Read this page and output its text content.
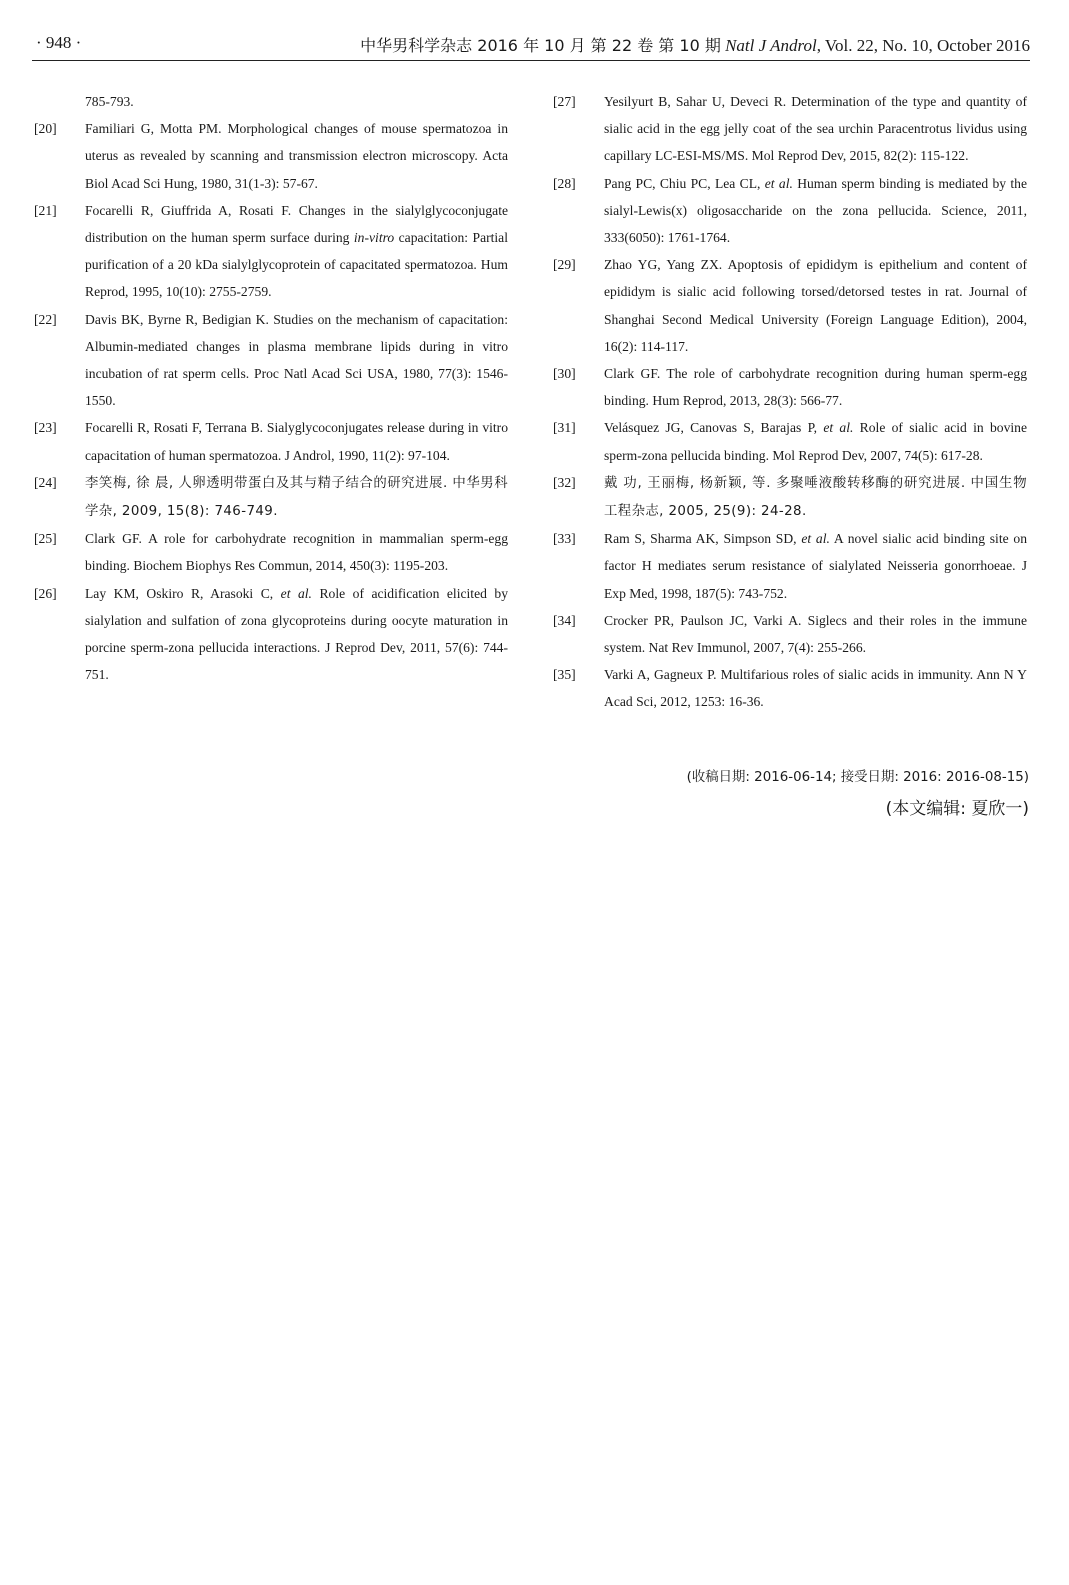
· 948 ·	中华男科学杂志 2016 年 10 月 第 22 卷 第 10 期 Natl J Androl, Vol. 22, No. 10, October 2016
785-793.
[20] Familiari G, Motta PM. Morphological changes of mouse spermatozoa in uterus as revealed by scanning and transmission electron microscopy. Acta Biol Acad Sci Hung, 1980, 31(1-3): 57-67.
[21] Focarelli R, Giuffrida A, Rosati F. Changes in the sialylglycoconjugate distribution on the human sperm surface during in-vitro capacitation: Partial purification of a 20 kDa sialylglycoprotein of capacitated spermatozoa. Hum Reprod, 1995, 10(10): 2755-2759.
[22] Davis BK, Byrne R, Bedigian K. Studies on the mechanism of capacitation: Albumin-mediated changes in plasma membrane lipids during in vitro incubation of rat sperm cells. Proc Natl Acad Sci USA, 1980, 77(3): 1546-1550.
[23] Focarelli R, Rosati F, Terrana B. Sialyglycoconjugates release during in vitro capacitation of human spermatozoa. J Androl, 1990, 11(2): 97-104.
[24] 李笑梅, 徐 晨, 人卵透明带蛋白及其与精子结合的研究进展. 中华男科学杂, 2009, 15(8): 746-749.
[25] Clark GF. A role for carbohydrate recognition in mammalian sperm-egg binding. Biochem Biophys Res Commun, 2014, 450(3): 1195-203.
[26] Lay KM, Oskiro R, Arasoki C, et al. Role of acidification elicited by sialylation and sulfation of zona glycoproteins during oocyte maturation in porcine sperm-zona pellucida interactions. J Reprod Dev, 2011, 57(6): 744-751.
[27] Yesilyurt B, Sahar U, Deveci R. Determination of the type and quantity of sialic acid in the egg jelly coat of the sea urchin Paracentrotus lividus using capillary LC-ESI-MS/MS. Mol Reprod Dev, 2015, 82(2): 115-122.
[28] Pang PC, Chiu PC, Lea CL, et al. Human sperm binding is mediated by the sialyl-Lewis(x) oligosaccharide on the zona pellucida. Science, 2011, 333(6050): 1761-1764.
[29] Zhao YG, Yang ZX. Apoptosis of epididym is epithelium and content of epididym is sialic acid following torsed/detorsed testes in rat. Journal of Shanghai Second Medical University (Foreign Language Edition), 2004, 16(2): 114-117.
[30] Clark GF. The role of carbohydrate recognition during human sperm-egg binding. Hum Reprod, 2013, 28(3): 566-77.
[31] Velásquez JG, Canovas S, Barajas P, et al. Role of sialic acid in bovine sperm-zona pellucida binding. Mol Reprod Dev, 2007, 74(5): 617-28.
[32] 戴 功, 王丽梅, 杨新颖, 等. 多聚唾液酸转移酶的研究进展. 中国生物工程杂志, 2005, 25(9): 24-28.
[33] Ram S, Sharma AK, Simpson SD, et al. A novel sialic acid binding site on factor H mediates serum resistance of sialylated Neisseria gonorrhoeae. J Exp Med, 1998, 187(5): 743-752.
[34] Crocker PR, Paulson JC, Varki A. Siglecs and their roles in the immune system. Nat Rev Immunol, 2007, 7(4): 255-266.
[35] Varki A, Gagneux P. Multifarious roles of sialic acids in immunity. Ann N Y Acad Sci, 2012, 1253: 16-36.
(收稿日期: 2016-06-14; 接受日期: 2016: 2016-08-15)
(本文编辑: 夏欣一)
